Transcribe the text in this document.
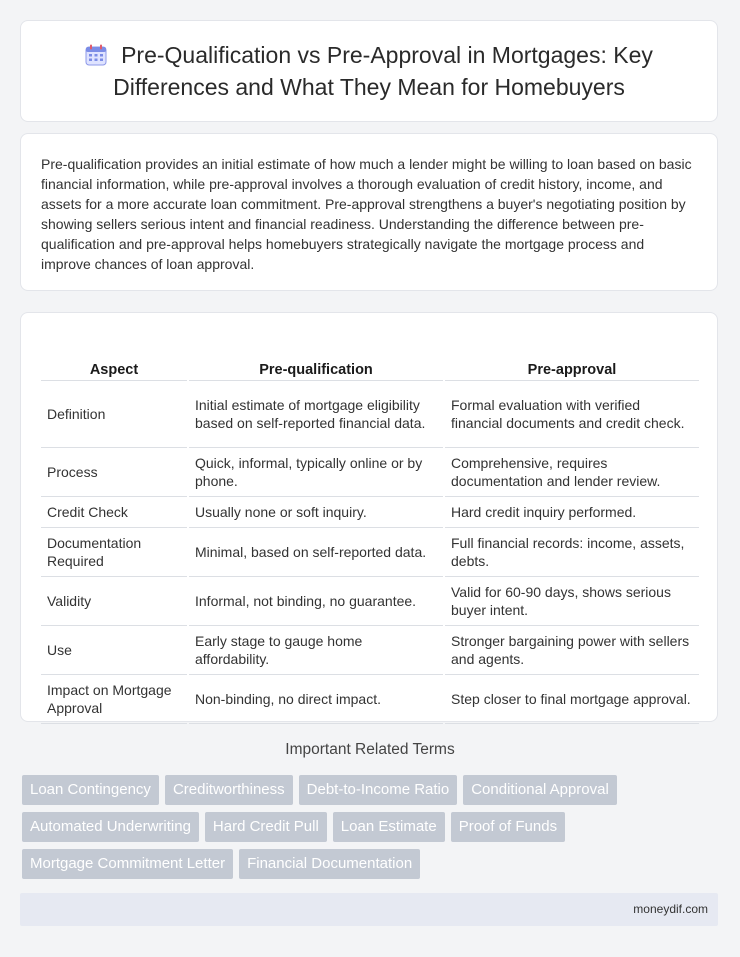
Pre-Qualification vs Pre-Approval in Mortgages: Key Differences and What They Mean for Homebuyers

Pre-qualification provides an initial estimate of how much a lender might be willing to loan based on basic financial information, while pre-approval involves a thorough evaluation of credit history, income, and assets for a more accurate loan commitment. Pre-approval strengthens a buyer's negotiating position by showing sellers serious intent and financial readiness. Understanding the difference between pre-qualification and pre-approval helps homebuyers strategically navigate the mortgage process and improve chances of loan approval.

Aspect	Pre-qualification	Pre-approval
Definition	Initial estimate of mortgage eligibility based on self-reported financial data.	Formal evaluation with verified financial documents and credit check.
Process	Quick, informal, typically online or by phone.	Comprehensive, requires documentation and lender review.
Credit Check	Usually none or soft inquiry.	Hard credit inquiry performed.
Documentation Required	Minimal, based on self-reported data.	Full financial records: income, assets, debts.
Validity	Informal, not binding, no guarantee.	Valid for 60-90 days, shows serious buyer intent.
Use	Early stage to gauge home affordability.	Stronger bargaining power with sellers and agents.
Impact on Mortgage Approval	Non-binding, no direct impact.	Step closer to final mortgage approval.
Important Related Terms
Loan Contingency	Creditworthiness	Debt-to-Income Ratio	Conditional Approval
Automated Underwriting	Hard Credit Pull	Loan Estimate	Proof of Funds
Mortgage Commitment Letter	Financial Documentation
moneydif.com
